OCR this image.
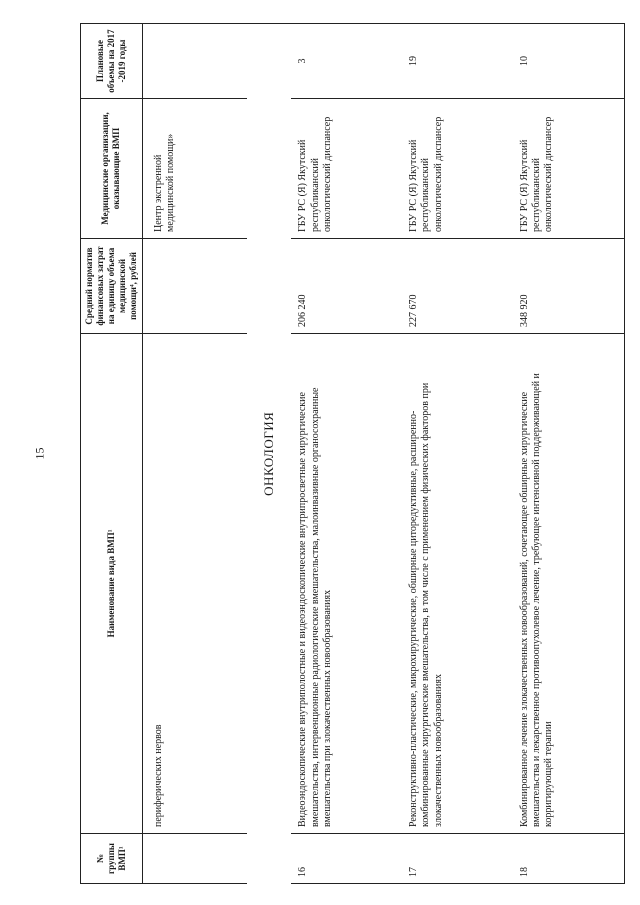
15
№ группы ВМП¹	Наименование вида ВМП¹	Средний норматив финансовых затрат на единицу объема медицинской помощи⁴, рублей	Медицинские организации, оказывающие ВМП	Плановые объемы на 2017 -2019 годы
	периферических нервов		Центр экстренной медицинской помощи»	
ОНКОЛОГИЯ				
16	Видеоэндоскопические внутриполостные и видеоэндоскопические внутрипросветные хирургические вмешательства, интервенционные радиологические вмешательства, малоинвазивные органосохранные вмешательства при злокачественных новообразованиях	206 240	ГБУ РС (Я) Якутский республиканский онкологический диспансер	3
17	Реконструктивно-пластические, микрохирургические, обширные циторедуктивные, расширенно-комбинированные хирургические вмешательства, в том числе с применением физических факторов при злокачественных новообразованиях	227 670	ГБУ РС (Я) Якутский республиканский онкологический диспансер	19
18	Комбинированное лечение злокачественных новообразований, сочетающее обширные хирургические вмешательства и лекарственное противоопухолевое лечение, требующее интенсивной поддерживающей и корригирующей терапии	348 920	ГБУ РС (Я) Якутский республиканский онкологический диспансер	10
